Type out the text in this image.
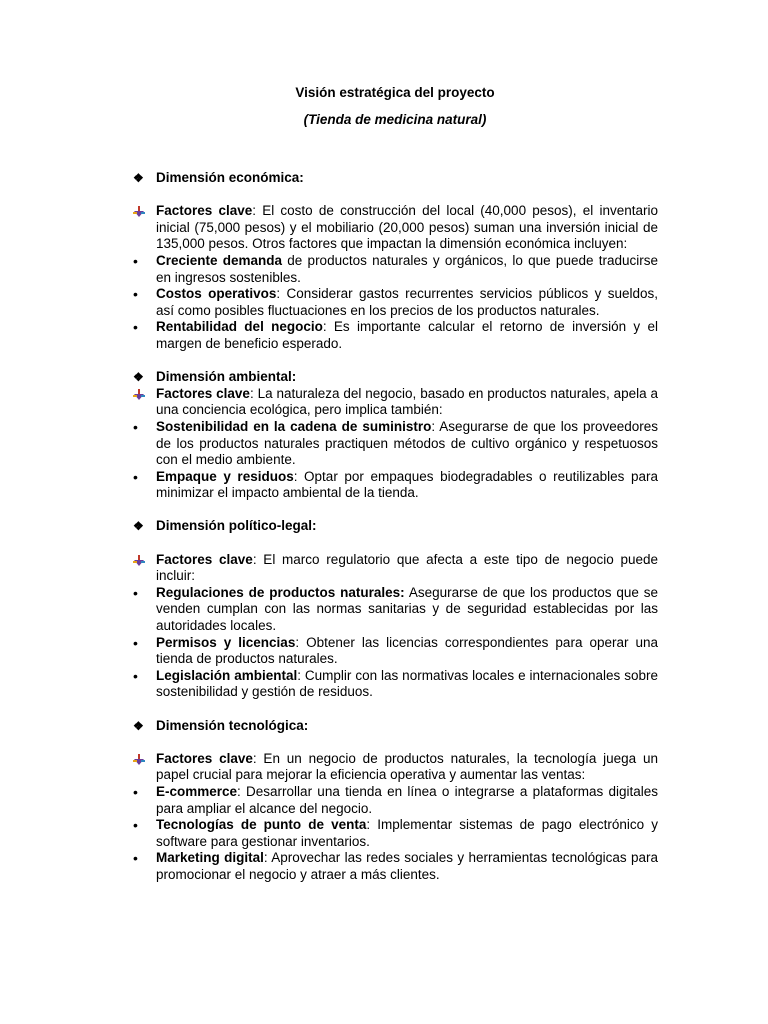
Visión estratégica del proyecto
(Tienda de medicina natural)
❖ Dimensión económica:
Factores clave: El costo de construcción del local (40,000 pesos), el inventario inicial (75,000 pesos) y el mobiliario (20,000 pesos) suman una inversión inicial de 135,000 pesos. Otros factores que impactan la dimensión económica incluyen:
• Creciente demanda de productos naturales y orgánicos, lo que puede traducirse en ingresos sostenibles.
• Costos operativos: Considerar gastos recurrentes servicios públicos y sueldos, así como posibles fluctuaciones en los precios de los productos naturales.
• Rentabilidad del negocio: Es importante calcular el retorno de inversión y el margen de beneficio esperado.
❖ Dimensión ambiental:
Factores clave: La naturaleza del negocio, basado en productos naturales, apela a una conciencia ecológica, pero implica también:
• Sostenibilidad en la cadena de suministro: Asegurarse de que los proveedores de los productos naturales practiquen métodos de cultivo orgánico y respetuosos con el medio ambiente.
• Empaque y residuos: Optar por empaques biodegradables o reutilizables para minimizar el impacto ambiental de la tienda.
❖ Dimensión político-legal:
Factores clave: El marco regulatorio que afecta a este tipo de negocio puede incluir:
• Regulaciones de productos naturales: Asegurarse de que los productos que se venden cumplan con las normas sanitarias y de seguridad establecidas por las autoridades locales.
• Permisos y licencias: Obtener las licencias correspondientes para operar una tienda de productos naturales.
• Legislación ambiental: Cumplir con las normativas locales e internacionales sobre sostenibilidad y gestión de residuos.
❖ Dimensión tecnológica:
Factores clave: En un negocio de productos naturales, la tecnología juega un papel crucial para mejorar la eficiencia operativa y aumentar las ventas:
• E-commerce: Desarrollar una tienda en línea o integrarse a plataformas digitales para ampliar el alcance del negocio.
• Tecnologías de punto de venta: Implementar sistemas de pago electrónico y software para gestionar inventarios.
• Marketing digital: Aprovechar las redes sociales y herramientas tecnológicas para promocionar el negocio y atraer a más clientes.
